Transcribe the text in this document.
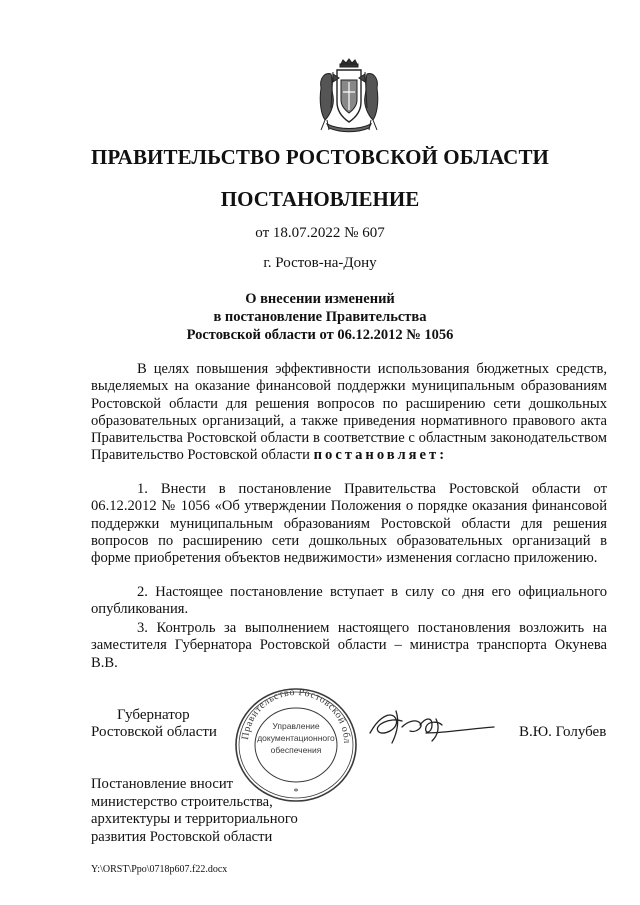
ПРАВИТЕЛЬСТВО РОСТОВСКОЙ ОБЛАСТИ
ПОСТАНОВЛЕНИЕ
от 18.07.2022 № 607
г. Ростов-на-Дону
О внесении изменений
в постановление Правительства
Ростовской области от 06.12.2012 № 1056
В целях повышения эффективности использования бюджетных средств, выделяемых на оказание финансовой поддержки муниципальным образованиям Ростовской области для решения вопросов по расширению сети дошкольных образовательных организаций, а также приведения нормативного правового акта Правительства Ростовской области в соответствие с областным законодательством Правительство Ростовской области постановляет:
1. Внести в постановление Правительства Ростовской области от 06.12.2012 № 1056 «Об утверждении Положения о порядке оказания финансовой поддержки муниципальным образованиям Ростовской области для решения вопросов по расширению сети дошкольных образовательных организаций в форме приобретения объектов недвижимости» изменения согласно приложению.
2. Настоящее постановление вступает в силу со дня его официального опубликования.
3. Контроль за выполнением настоящего постановления возложить на заместителя Губернатора Ростовской области – министра транспорта Окунева В.В.
Губернатор
Ростовской области	Правительство Ростовской обл
Управление
документационного
обеспечения
*
В.Ю. Голубев
Постановление вносит
министерство строительства,
архитектуры и территориального
развития Ростовской области
Y:\ORST\Ppo\0718p607.f22.docx
